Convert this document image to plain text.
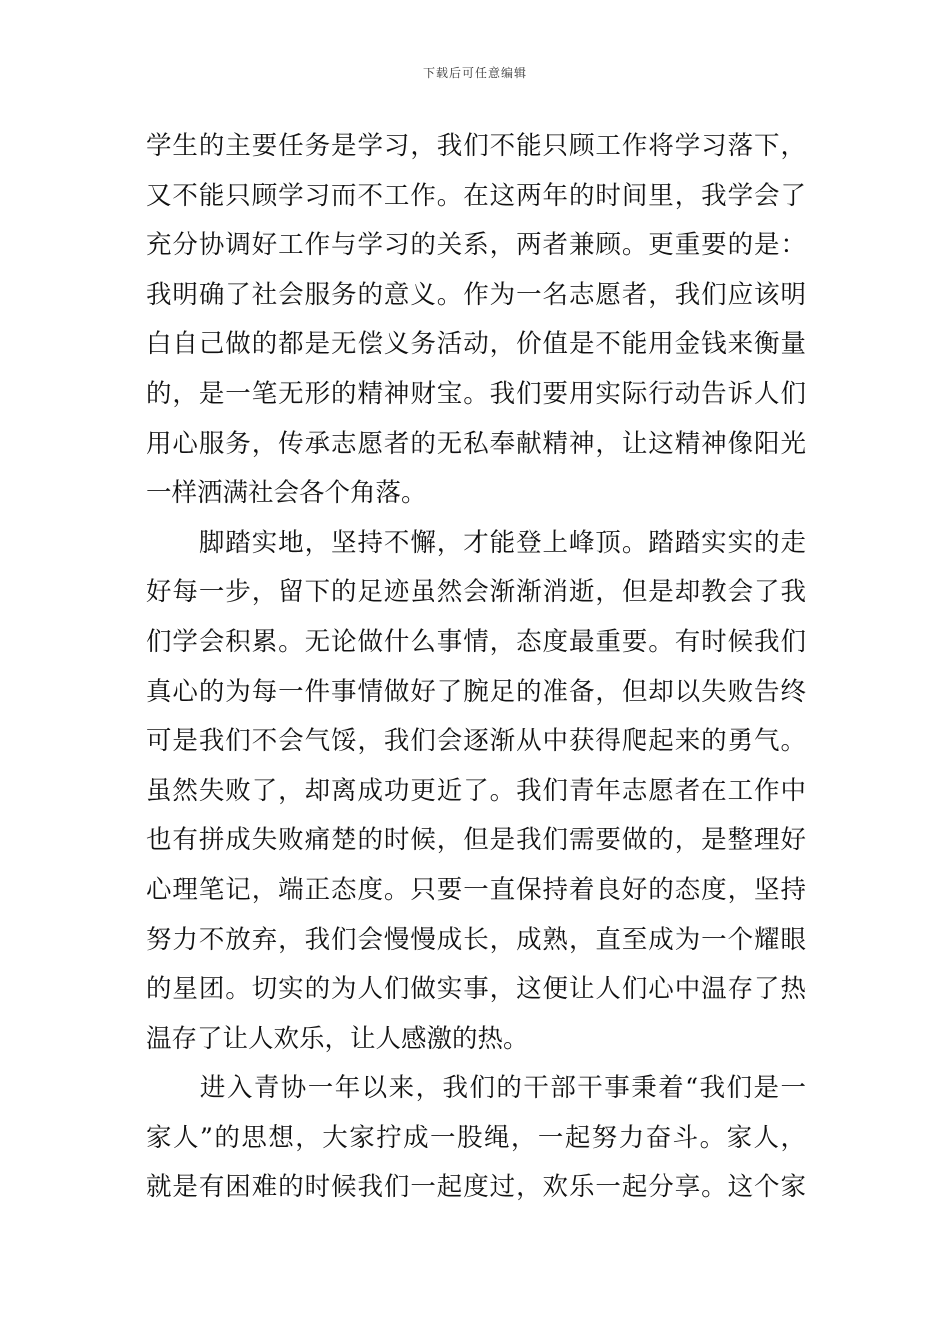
下载后可任意编辑
学生的主要任务是学习，我们不能只顾工作将学习落下，
又不能只顾学习而不工作。在这两年的时间里，我学会了
充分协调好工作与学习的关系，两者兼顾。更重要的是：
我明确了社会服务的意义。作为一名志愿者，我们应该明
白自己做的都是无偿义务活动，价值是不能用金钱来衡量
的，是一笔无形的精神财宝。我们要用实际行动告诉人们
用心服务，传承志愿者的无私奉献精神，让这精神像阳光
一样洒满社会各个角落。
　　脚踏实地，坚持不懈，才能登上峰顶。踏踏实实的走
好每一步，留下的足迹虽然会渐渐消逝，但是却教会了我
们学会积累。无论做什么事情，态度最重要。有时候我们
真心的为每一件事情做好了腕足的准备，但却以失败告终
可是我们不会气馁，我们会逐渐从中获得爬起来的勇气。
虽然失败了，却离成功更近了。我们青年志愿者在工作中
也有拼成失败痛楚的时候，但是我们需要做的，是整理好
心理笔记，端正态度。只要一直保持着良好的态度，坚持
努力不放弃，我们会慢慢成长，成熟，直至成为一个耀眼
的星团。切实的为人们做实事，这便让人们心中温存了热
温存了让人欢乐，让人感激的热。
　　进入青协一年以来，我们的干部干事秉着“我们是一
家人”的思想，大家拧成一股绳，一起努力奋斗。家人，
就是有困难的时候我们一起度过，欢乐一起分享。这个家
